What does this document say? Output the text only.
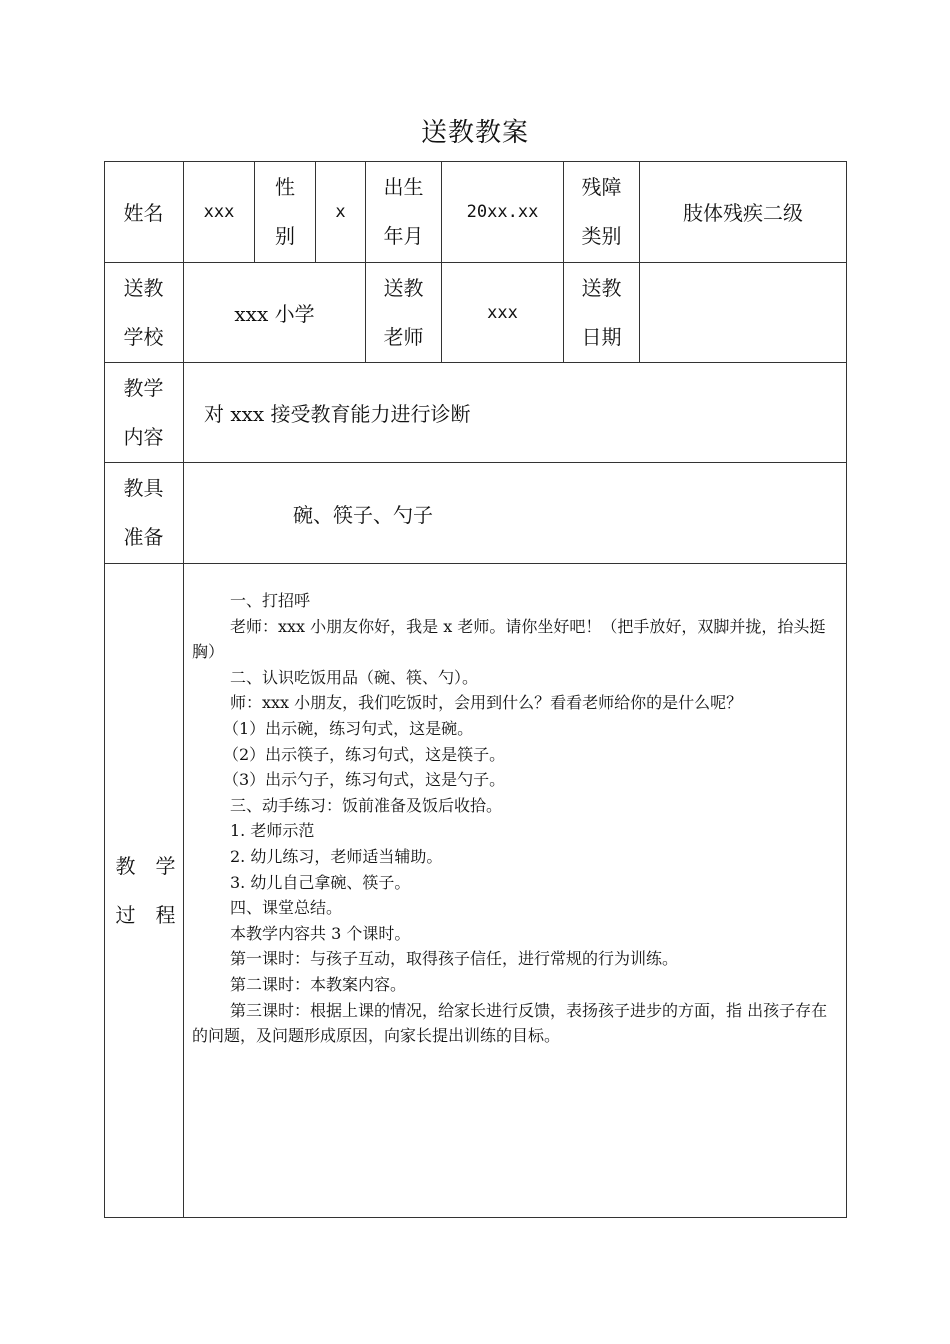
送教教案
姓名	xxx
性
别
x
出生
年月
20xx.xx
残障
类别
肢体残疾二级
送教
学校
xxx 小学
送教
老师
xxx
送教
日期
教学
内容
对 xxx 接受教育能力进行诊断
教具
准备
碗、筷子、勺子
教　学
过　程

一、打招呼

老师：xxx 小朋友你好，我是 x 老师。请你坐好吧！（把手放好，双脚并拢，抬头挺胸）

二、认识吃饭用品（碗、筷、勺）。

师：xxx 小朋友，我们吃饭时，会用到什么？看看老师给你的是什么呢？

（1）出示碗，练习句式，这是碗。

（2）出示筷子，练习句式，这是筷子。

（3）出示勺子，练习句式，这是勺子。

三、动手练习：饭前准备及饭后收拾。

1. 老师示范

2. 幼儿练习，老师适当辅助。

3. 幼儿自己拿碗、筷子。

四、课堂总结。

本教学内容共 3 个课时。

第一课时：与孩子互动，取得孩子信任，进行常规的行为训练。

第二课时：本教案内容。

第三课时：根据上课的情况，给家长进行反馈，表扬孩子进步的方面，指 出孩子存在的问题，及问题形成原因，向家长提出训练的目标。
